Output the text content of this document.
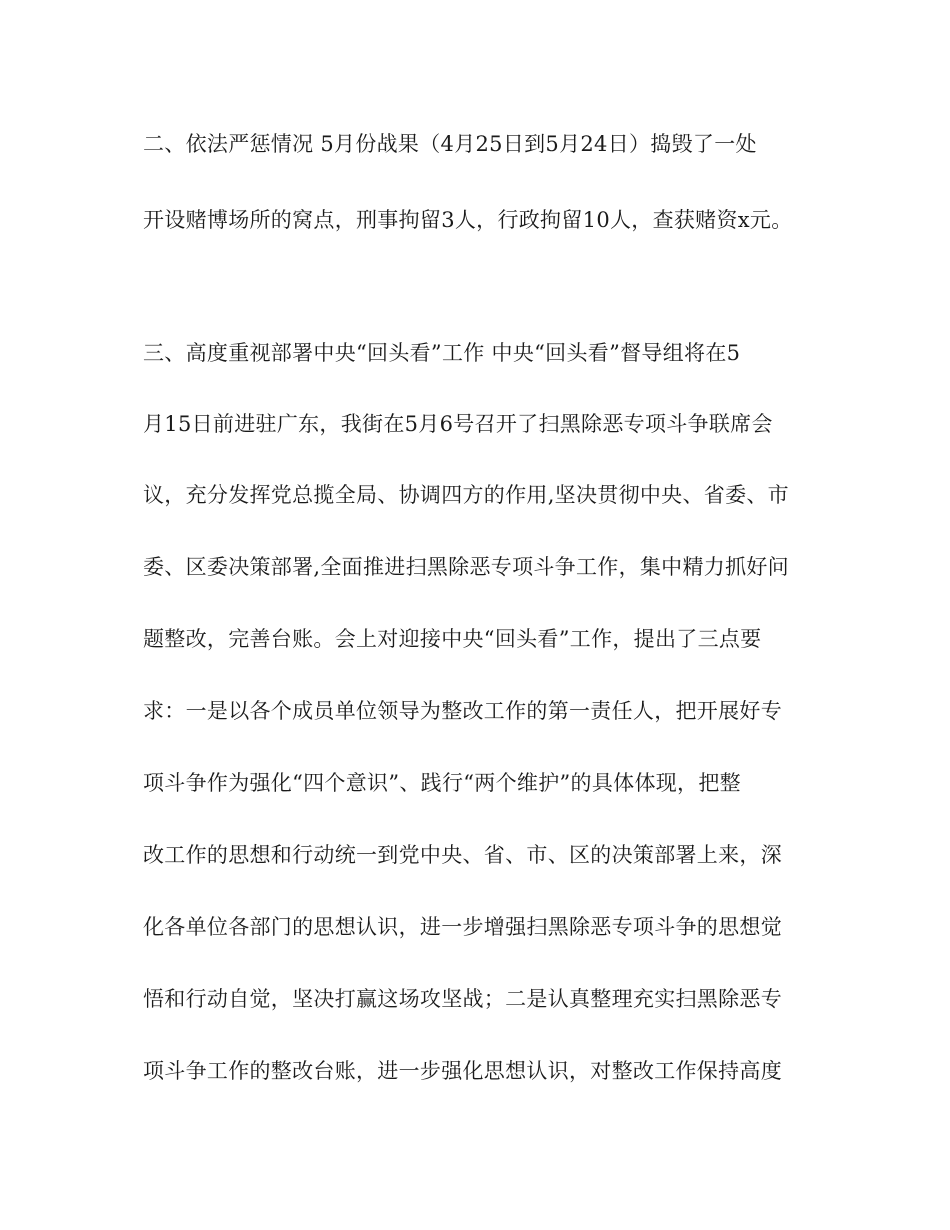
二、依法严惩情况 5月份战果（4月25日到5月24日）捣毁了一处
开设赌博场所的窝点，刑事拘留3人，行政拘留10人，查获赌资x元。
三、高度重视部署中央“回头看”工作 中央“回头看”督导组将在5
月15日前进驻广东，我街在5月6号召开了扫黑除恶专项斗争联席会
议，充分发挥党总揽全局、协调四方的作用,坚决贯彻中央、省委、市
委、区委决策部署,全面推进扫黑除恶专项斗争工作，集中精力抓好问
题整改，完善台账。会上对迎接中央“回头看”工作，提出了三点要
求：一是以各个成员单位领导为整改工作的第一责任人，把开展好专
项斗争作为强化“四个意识”、践行“两个维护”的具体体现，把整
改工作的思想和行动统一到党中央、省、市、区的决策部署上来，深
化各单位各部门的思想认识，进一步增强扫黑除恶专项斗争的思想觉
悟和行动自觉，坚决打赢这场攻坚战；二是认真整理充实扫黑除恶专
项斗争工作的整改台账，进一步强化思想认识，对整改工作保持高度
